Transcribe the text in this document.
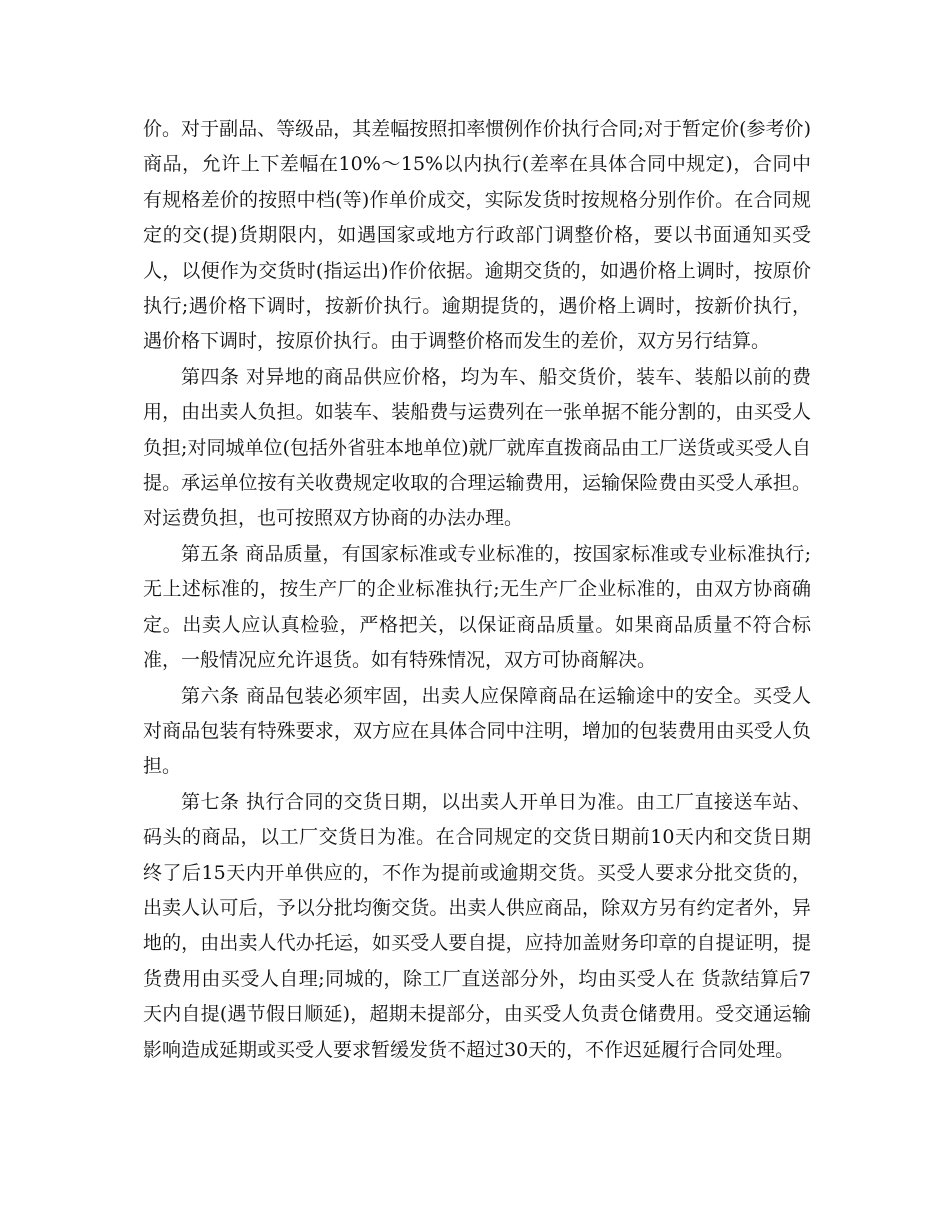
价。对于副品、等级品，其差幅按照扣率惯例作价执行合同;对于暂定价(参考价)商品，允许上下差幅在10%～15%以内执行(差率在具体合同中规定)，合同中有规格差价的按照中档(等)作单价成交，实际发货时按规格分别作价。在合同规定的交(提)货期限内，如遇国家或地方行政部门调整价格，要以书面通知买受人，以便作为交货时(指运出)作价依据。逾期交货的，如遇价格上调时，按原价执行;遇价格下调时，按新价执行。逾期提货的，遇价格上调时，按新价执行，遇价格下调时，按原价执行。由于调整价格而发生的差价，双方另行结算。

第四条 对异地的商品供应价格，均为车、船交货价，装车、装船以前的费用，由出卖人负担。如装车、装船费与运费列在一张单据不能分割的，由买受人负担;对同城单位(包括外省驻本地单位)就厂就库直拨商品由工厂送货或买受人自提。承运单位按有关收费规定收取的合理运输费用，运输保险费由买受人承担。对运费负担，也可按照双方协商的办法办理。

第五条 商品质量，有国家标准或专业标准的，按国家标准或专业标准执行;无上述标准的，按生产厂的企业标准执行;无生产厂企业标准的，由双方协商确定。出卖人应认真检验，严格把关，以保证商品质量。如果商品质量不符合标准，一般情况应允许退货。如有特殊情况，双方可协商解决。

第六条 商品包装必须牢固，出卖人应保障商品在运输途中的安全。买受人对商品包装有特殊要求，双方应在具体合同中注明，增加的包装费用由买受人负担。

第七条 执行合同的交货日期，以出卖人开单日为准。由工厂直接送车站、码头的商品，以工厂交货日为准。在合同规定的交货日期前10天内和交货日期终了后15天内开单供应的，不作为提前或逾期交货。买受人要求分批交货的，出卖人认可后，予以分批均衡交货。出卖人供应商品，除双方另有约定者外，异地的，由出卖人代办托运，如买受人要自提，应持加盖财务印章的自提证明，提货费用由买受人自理;同城的，除工厂直送部分外，均由买受人在 货款结算后7天内自提(遇节假日顺延)，超期未提部分，由买受人负责仓储费用。受交通运输影响造成延期或买受人要求暂缓发货不超过30天的，不作迟延履行合同处理。
